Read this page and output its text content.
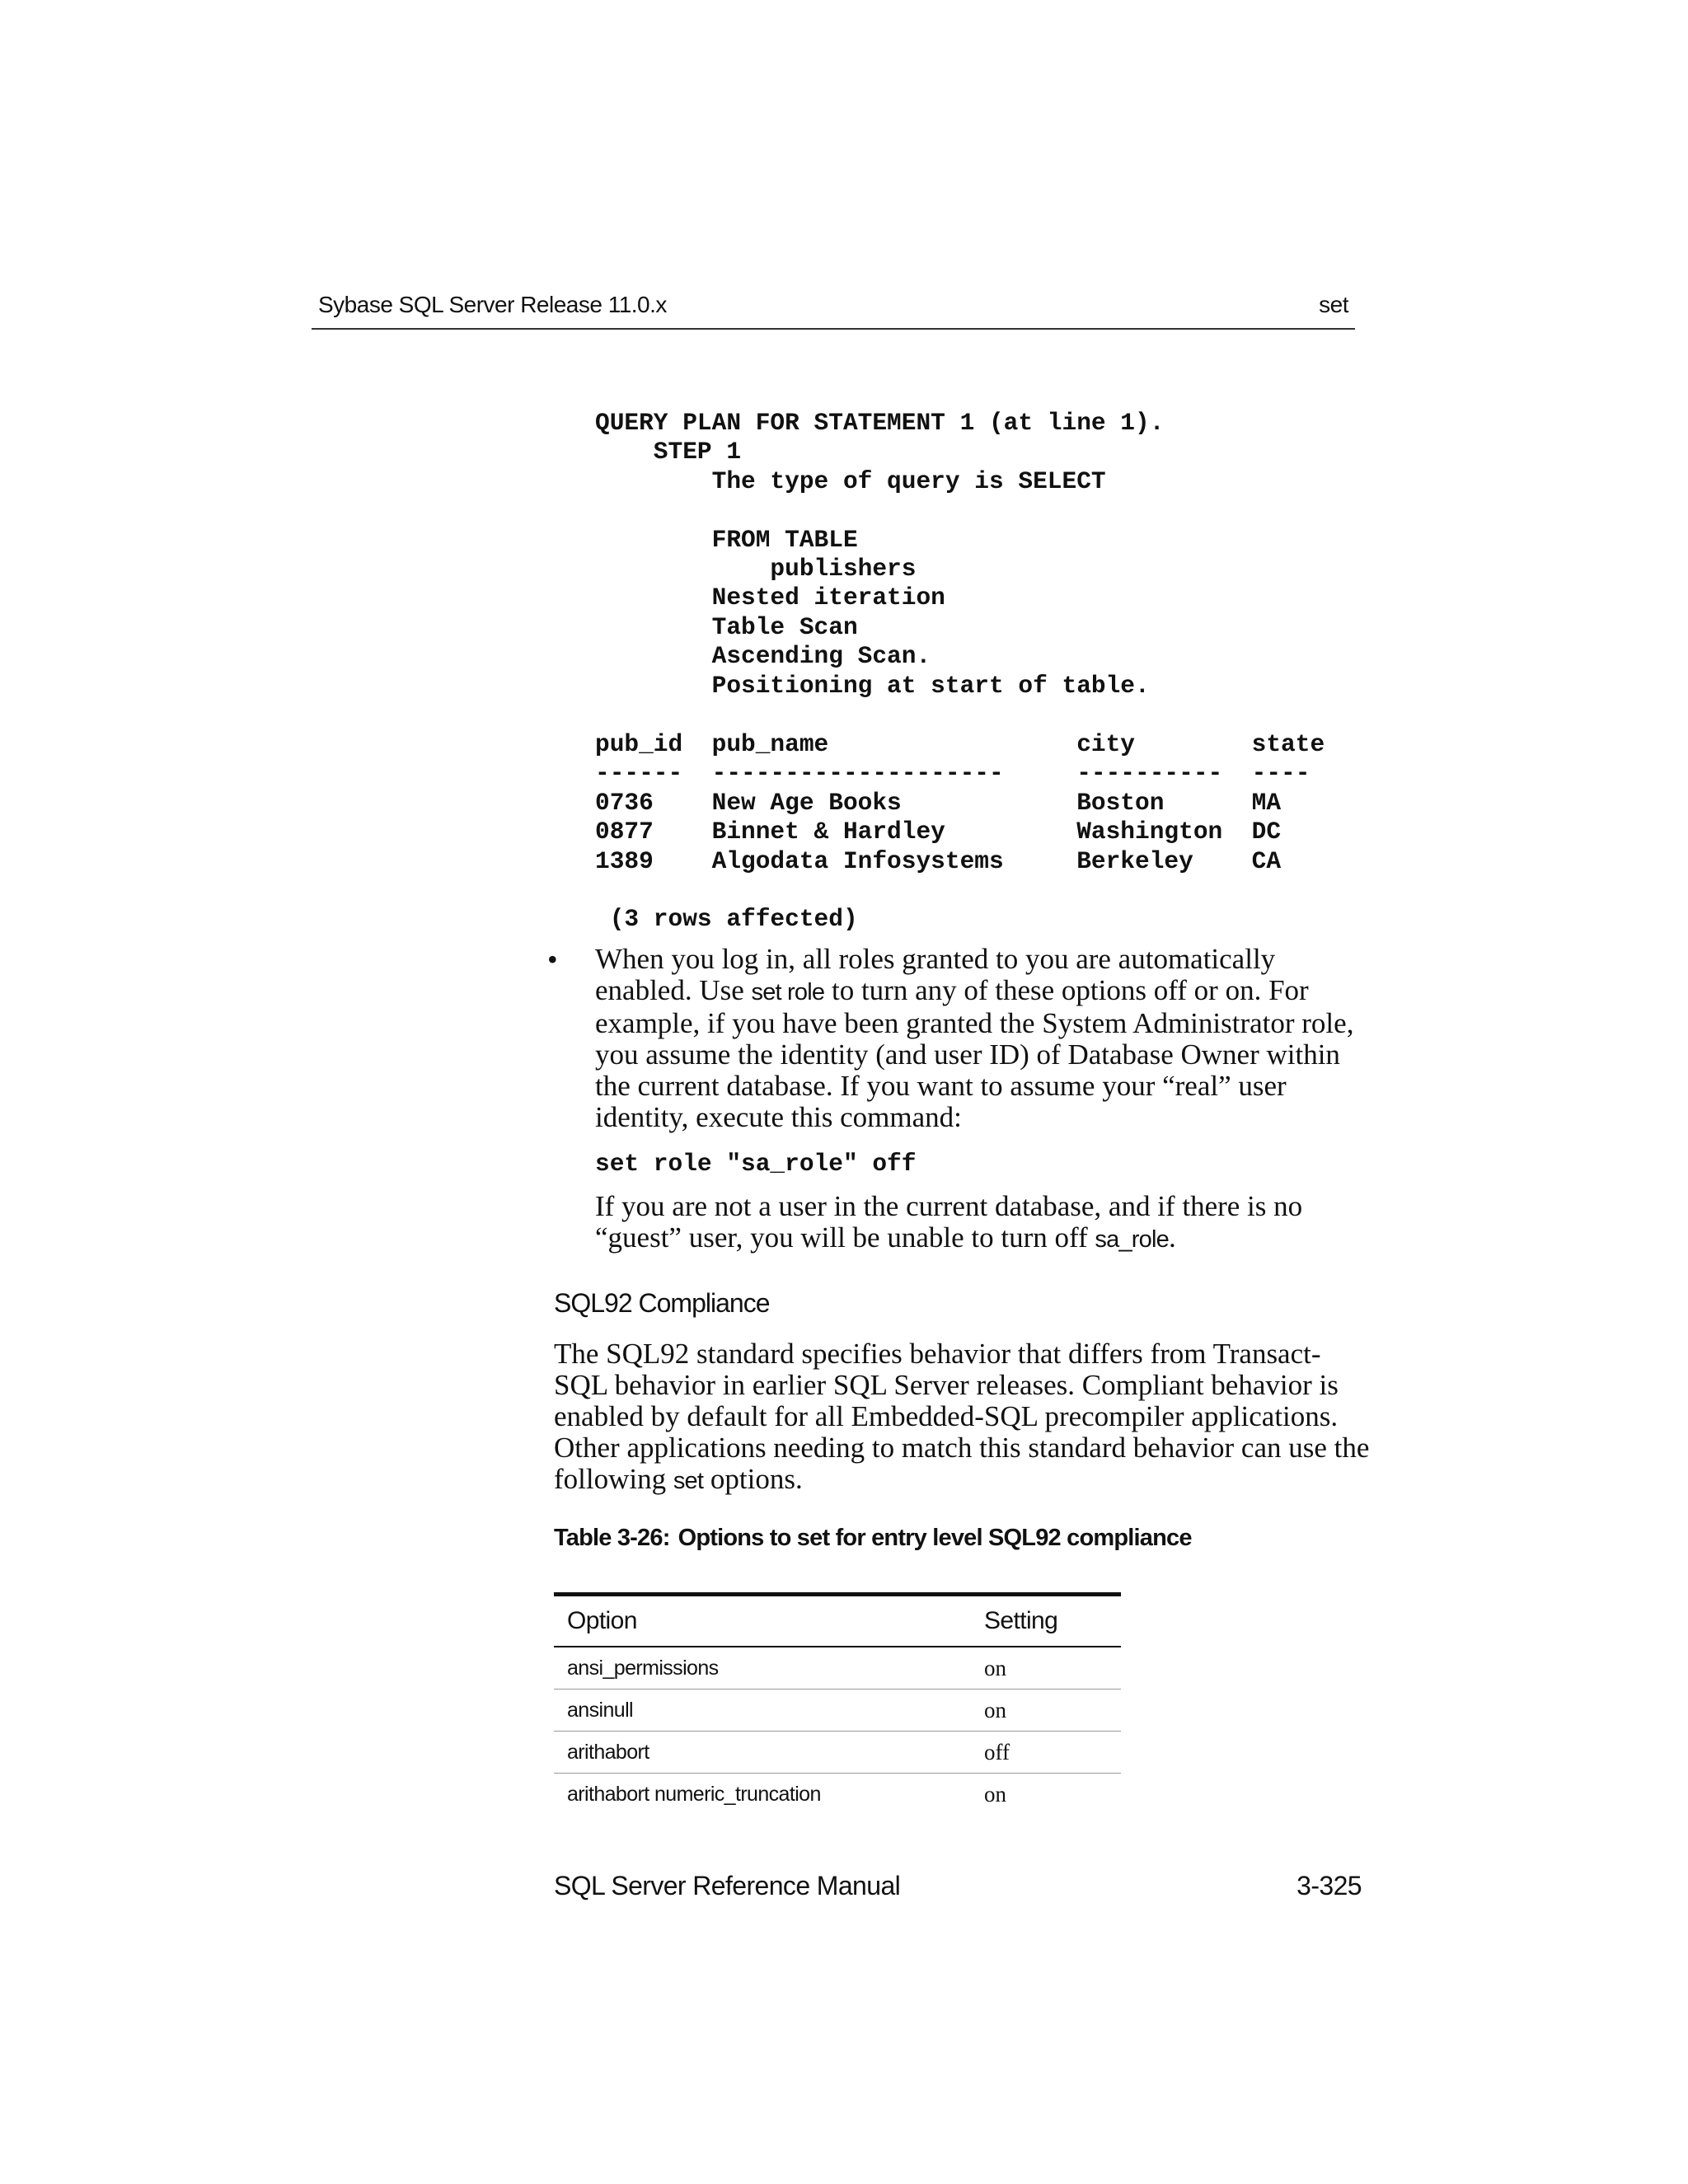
Sybase SQL Server Release 11.0.x	set
QUERY PLAN FOR STATEMENT 1 (at line 1).
STEP 1
The type of query is SELECT
FROM TABLE
publishers
Nested iteration
Table Scan
Ascending Scan.
Positioning at start of table.
pub_id  pub_name                 city        state
------  --------------------     ----------  ----
0736    New Age Books            Boston      MA
0877    Binnet & Hardley         Washington  DC
1389    Algodata Infosystems     Berkeley    CA
(3 rows affected)
• When you log in, all roles granted to you are automatically enabled. Use set role to turn any of these options off or on. For example, if you have been granted the System Administrator role, you assume the identity (and user ID) of Database Owner within the current database. If you want to assume your “real” user identity, execute this command:

set role "sa_role" off

If you are not a user in the current database, and if there is no “guest” user, you will be unable to turn off sa_role.

SQL92 Compliance

The SQL92 standard specifies behavior that differs from Transact-SQL behavior in earlier SQL Server releases. Compliant behavior is enabled by default for all Embedded-SQL precompiler applications. Other applications needing to match this standard behavior can use the following set options.

Table 3-26: Options to set for entry level SQL92 compliance

Option	Setting
ansi_permissions	on
ansinull	on
arithabort	off
arithabort numeric_truncation	on
SQL Server Reference Manual	3-325
